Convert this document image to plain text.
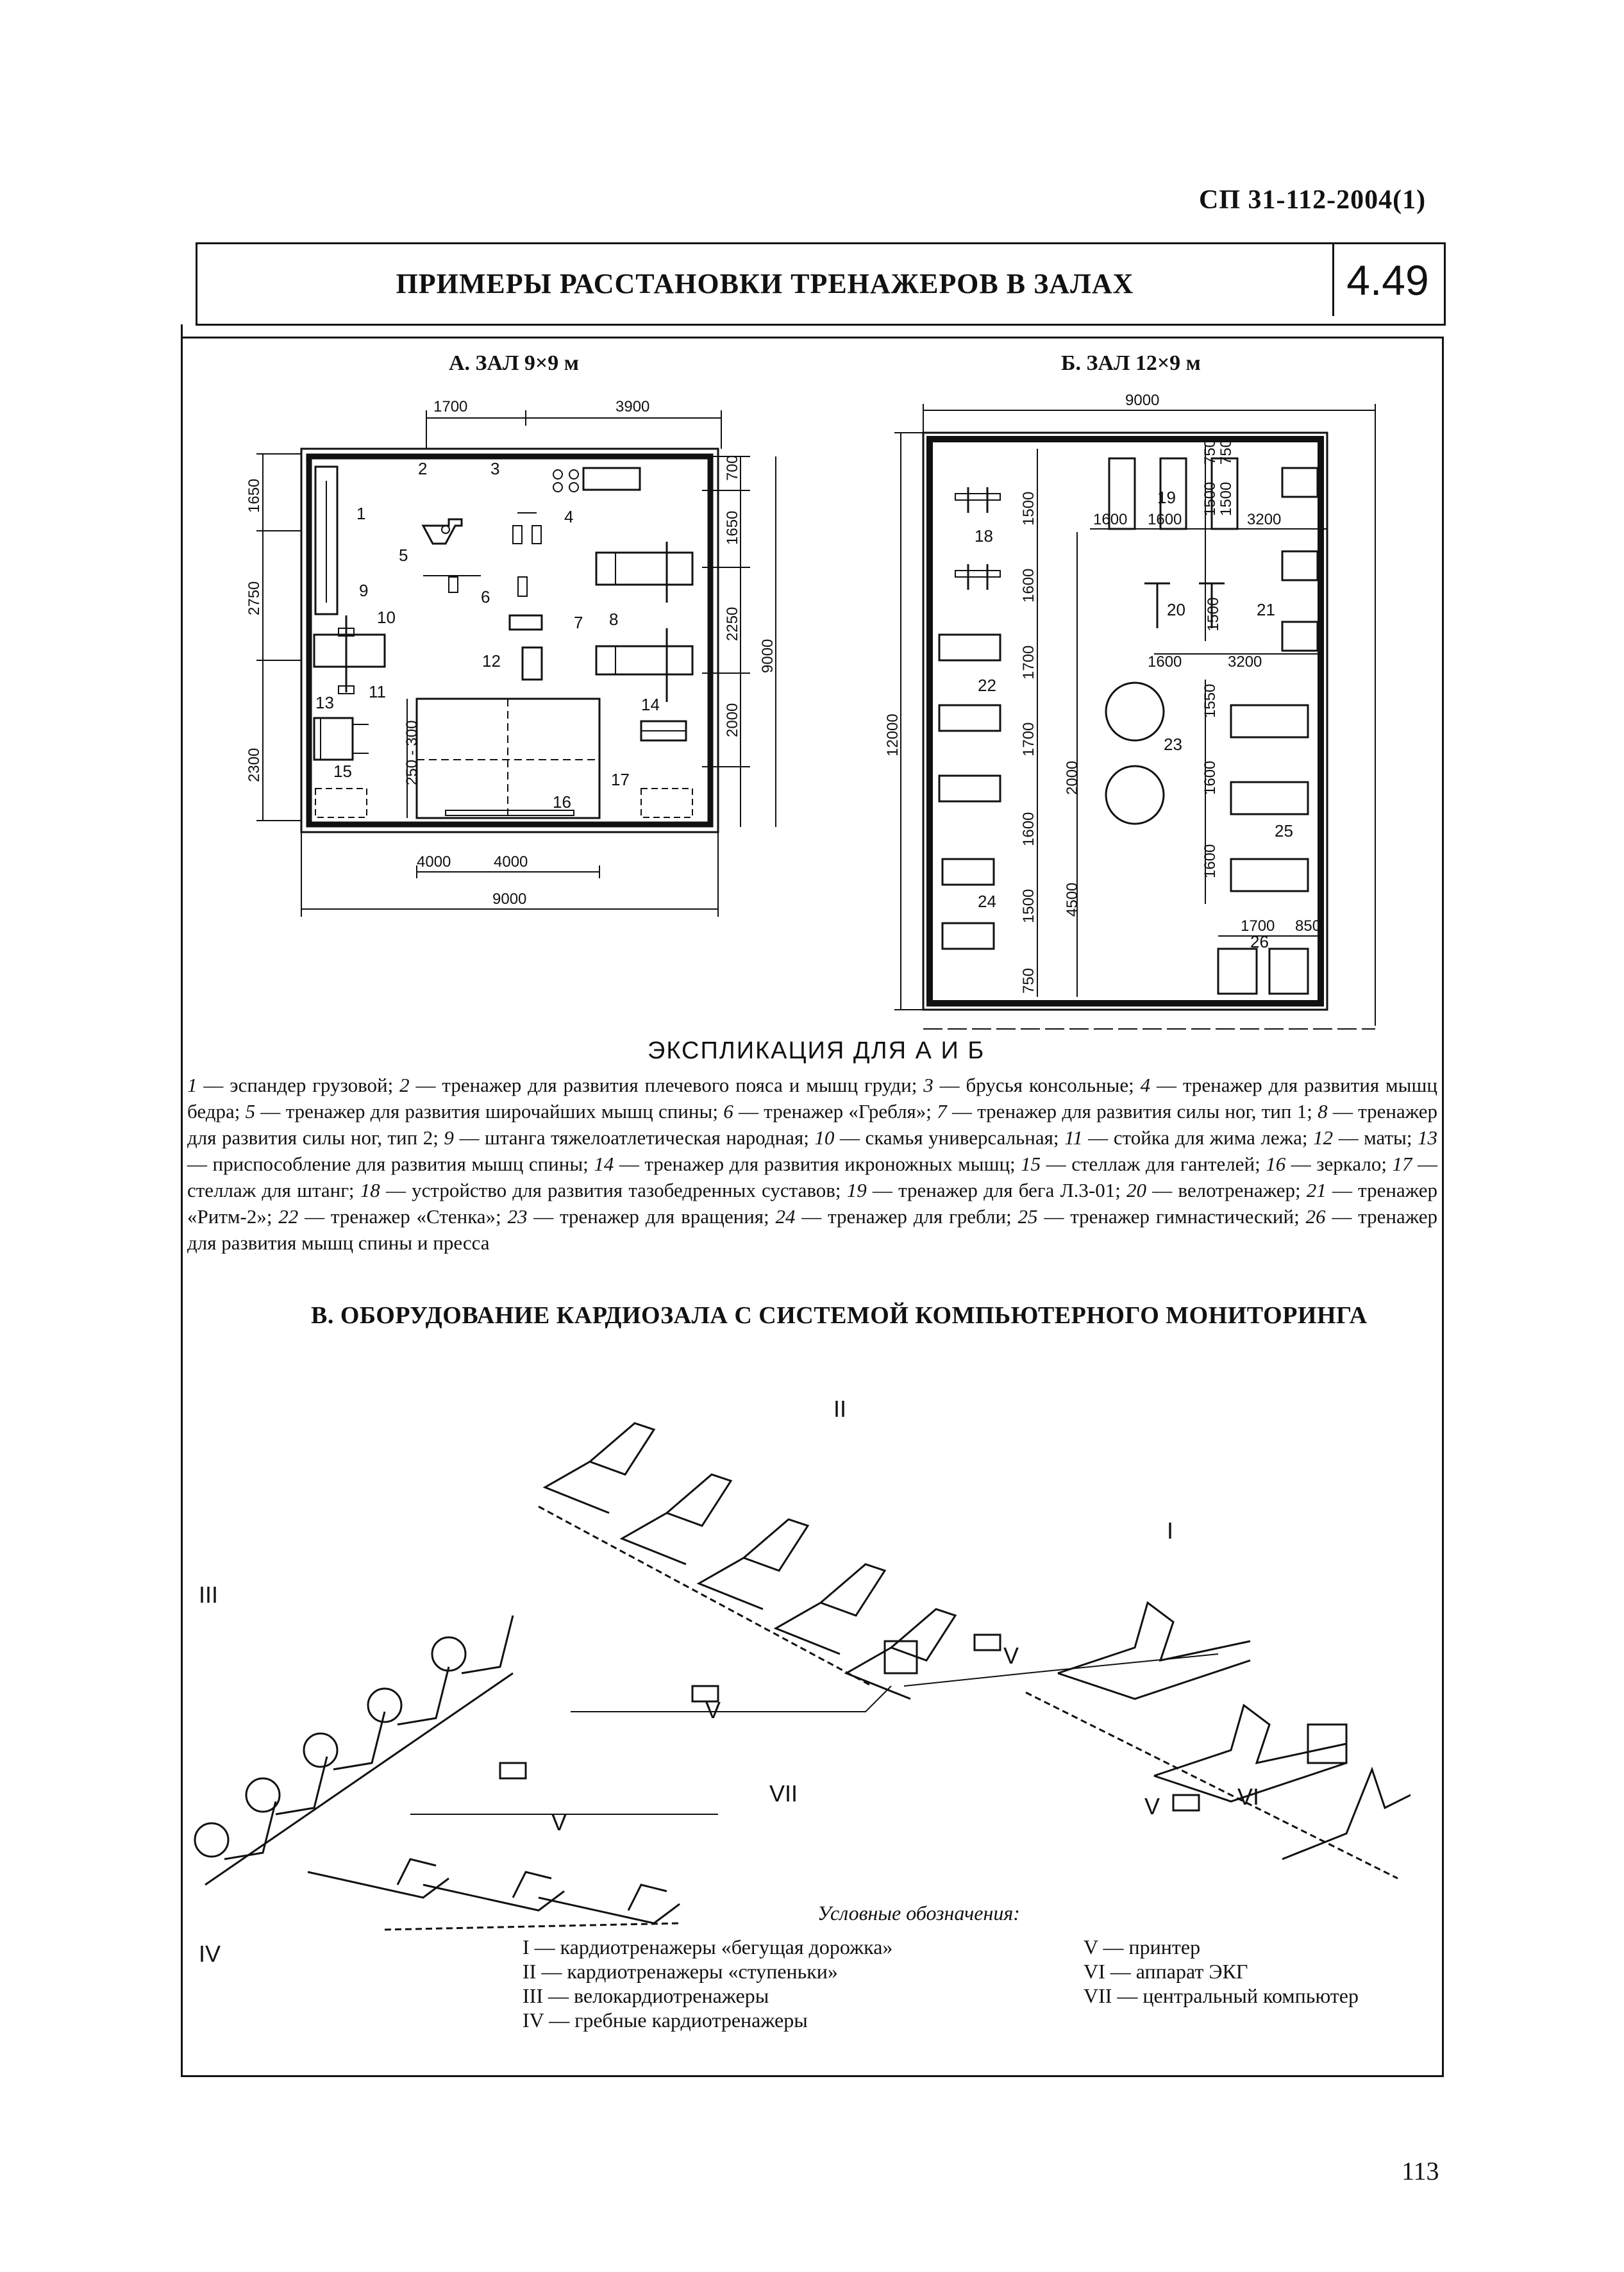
СП 31-112-2004(1)
ПРИМЕРЫ РАССТАНОВКИ ТРЕНАЖЕРОВ В ЗАЛАХ	4.49
А. ЗАЛ 9×9 м	Б. ЗАЛ 12×9 м
1700	3900
4000	4000
9000
1650
2750
2300
700
1650
2250
2000
9000
250 - 300
1
2	3
4
5
6
7 8
9
10
11
12
13	14
15
16
17
9000
12000
1500
1600
1700
1700
1600
1500
750
1500
750
1600 1600
750
1500
3200
1500
1600	3200
2000
4500
1550
1600
1600
1700 850
18
19
20	21
22
23
24
25
26
ЭКСПЛИКАЦИЯ ДЛЯ А И Б
1 — эспандер грузовой; 2 — тренажер для развития плечевого пояса и мышц груди; 3 — брусья консольные; 4 — тренажер для развития мышц бедра; 5 — тренажер для развития широчайших мышц спины; 6 — тренажер «Гребля»; 7 — тренажер для развития силы ног, тип 1; 8 — тренажер для развития силы ног, тип 2; 9 — штанга тяжелоатлетическая народная; 10 — скамья универсальная; 11 — стойка для жима лежа; 12 — маты; 13 — приспособление для развития мышц спины; 14 — тренажер для развития икроножных мышц; 15 — стеллаж для гантелей; 16 — зеркало; 17 — стеллаж для штанг; 18 — устройство для развития тазобедренных суставов; 19 — тренажер для бега Л.3-01; 20 — велотренажер; 21 — тренажер «Ритм-2»; 22 — тренажер «Стенка»; 23 — тренажер для вращения; 24 — тренажер для гребли; 25 — тренажер гимнастический; 26 — тренажер для развития мышц спины и пресса
В. ОБОРУДОВАНИЕ КАРДИОЗАЛА С СИСТЕМОЙ КОМПЬЮТЕРНОГО МОНИТОРИНГА
II
I
III
IV
V
V
V
V	VI
VII
Условные обозначения:
I — кардиотренажеры «бегущая дорожка»
II — кардиотренажеры «ступеньки»
III — велокардиотренажеры
IV — гребные кардиотренажеры
V — принтер
VI — аппарат ЭКГ
VII — центральный компьютер
113
